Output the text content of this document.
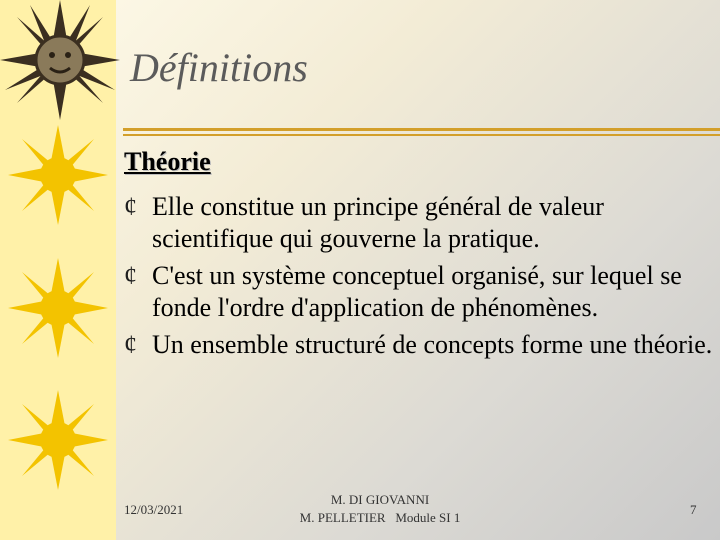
Définitions
Théorie
¢ Elle constitue un principe général de valeur scientifique qui gouverne la pratique.
¢ C'est un système conceptuel organisé, sur lequel se fonde l'ordre d'application de phénomènes.
¢ Un ensemble structuré de concepts forme une théorie.
12/03/2021
M. DI GIOVANNI
M. PELLETIER   Module SI 1
7
